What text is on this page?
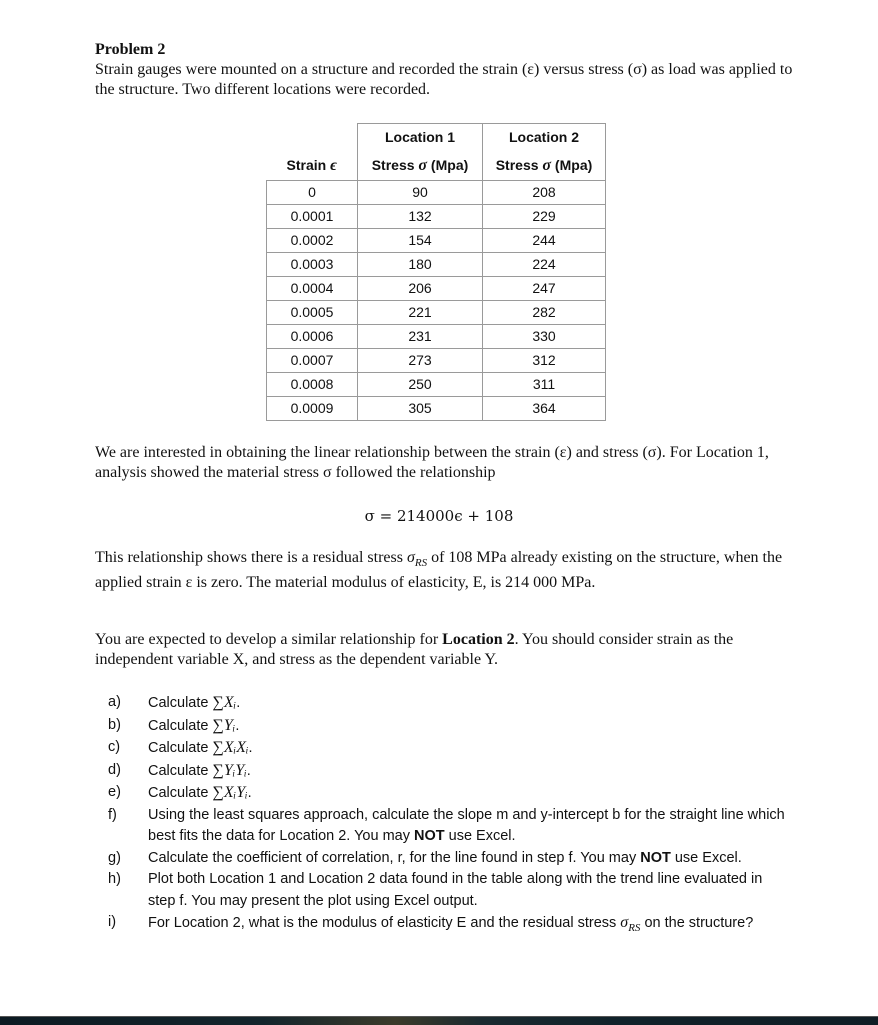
Problem 2

Strain gauges were mounted on a structure and recorded the strain (ε) versus stress (σ) as load was applied to the structure. Two different locations were recorded.

	Location 1	Location 2
Strain ϵ	Stress σ (Mpa)	Stress σ (Mpa)
0	90	208
0.0001	132	229
0.0002	154	244
0.0003	180	224
0.0004	206	247
0.0005	221	282
0.0006	231	330
0.0007	273	312
0.0008	250	311
0.0009	305	364

We are interested in obtaining the linear relationship between the strain (ε) and stress (σ). For Location 1, analysis showed the material stress σ followed the relationship

σ = 214000ϵ + 108

This relationship shows there is a residual stress $\sigma_{RS}$ of 108 MPa already existing on the structure, when the applied strain ε is zero. The material modulus of elasticity, E, is 214 000 MPa.

You are expected to develop a similar relationship for Location 2. You should consider strain as the independent variable X, and stress as the dependent variable Y.

a)	Calculate ∑Xᵢ.
b)	Calculate ∑Yᵢ.
c)	Calculate ∑XᵢXᵢ.
d)	Calculate ∑YᵢYᵢ.
e)	Calculate ∑XᵢYᵢ.
f)	Using the least squares approach, calculate the slope m and y-intercept b for the straight line which best fits the data for Location 2. You may NOT use Excel.
g)	Calculate the coefficient of correlation, r, for the line found in step f. You may NOT use Excel.
h)	Plot both Location 1 and Location 2 data found in the table along with the trend line evaluated in step f. You may present the plot using Excel output.
i)	For Location 2, what is the modulus of elasticity E and the residual stress $\sigma_{RS}$ on the structure?
